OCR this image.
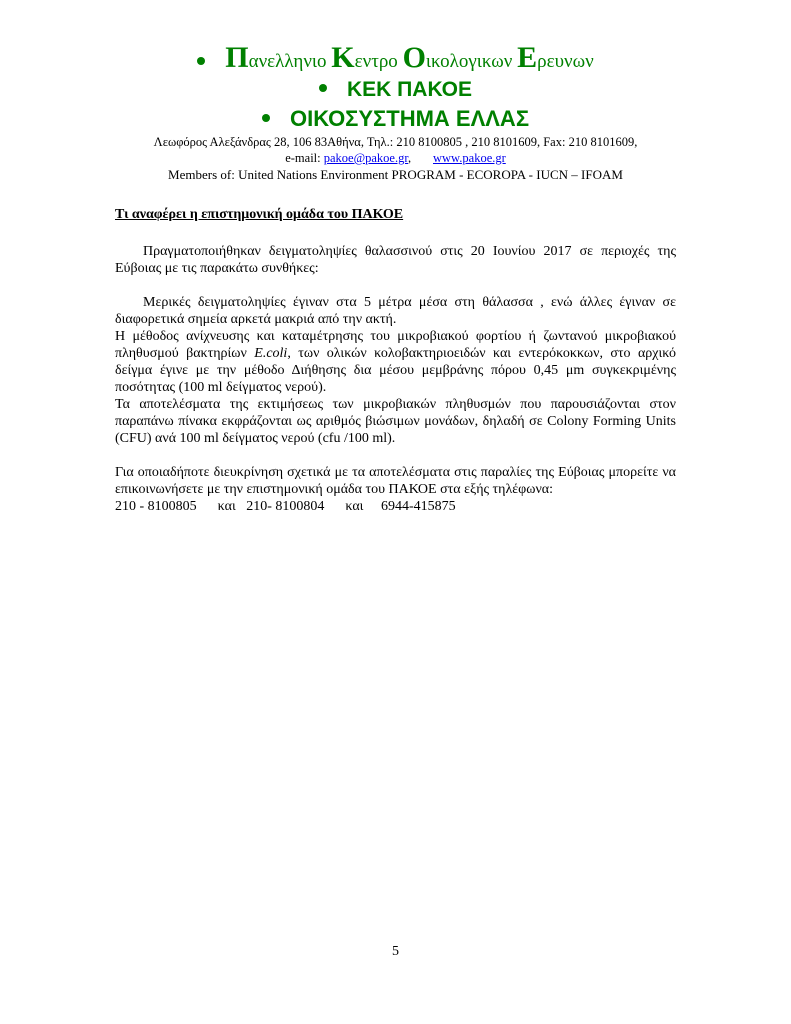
Πανελληνιο Κεντρο Οικολογικων Ερευνων
ΚΕΚ ΠΑΚΟΕ
ΟΙΚΟΣΥΣΤΗΜΑ ΕΛΛΑΣ
Λεωφόρος Αλεξάνδρας 28, 106 83Αθήνα, Τηλ.: 210 8100805 , 210 8101609, Fax: 210 8101609,
e-mail: pakoe@pakoe.gr, www.pakoe.gr
Members of: United Nations Environment PROGRAM - ECOROPA - IUCN – IFOAM
Τι αναφέρει η επιστημονική ομάδα του ΠΑΚΟΕ

Πραγματοποιήθηκαν δειγματοληψίες θαλασσινού στις 20 Ιουνίου 2017 σε περιοχές της Εύβοιας με τις παρακάτω συνθήκες:

Μερικές δειγματοληψίες έγιναν στα 5 μέτρα μέσα στη θάλασσα , ενώ άλλες έγιναν σε διαφορετικά σημεία αρκετά μακριά από την ακτή.

Η μέθοδος ανίχνευσης και καταμέτρησης του μικροβιακού φορτίου ή ζωντανού μικροβιακού πληθυσμού βακτηρίων E.coli, των ολικών κολοβακτηριοειδών και εντερόκοκκων, στο αρχικό δείγμα έγινε με την μέθοδο Διήθησης δια μέσου μεμβράνης πόρου 0,45 μm συγκεκριμένης ποσότητας (100 ml δείγματος νερού).

Τα αποτελέσματα της εκτιμήσεως των μικροβιακών πληθυσμών που παρουσιάζονται στον παραπάνω πίνακα εκφράζονται ως αριθμός βιώσιμων μονάδων, δηλαδή σε Colony Forming Units (CFU) ανά 100 ml δείγματος νερού (cfu /100 ml).

Για οποιαδήποτε διευκρίνηση σχετικά με τα αποτελέσματα στις παραλίες της Εύβοιας μπορείτε να επικοινωνήσετε με την επιστημονική ομάδα του ΠΑΚΟΕ στα εξής τηλέφωνα:

210 - 8100805 και 210- 8100804 και 6944-415875
5
